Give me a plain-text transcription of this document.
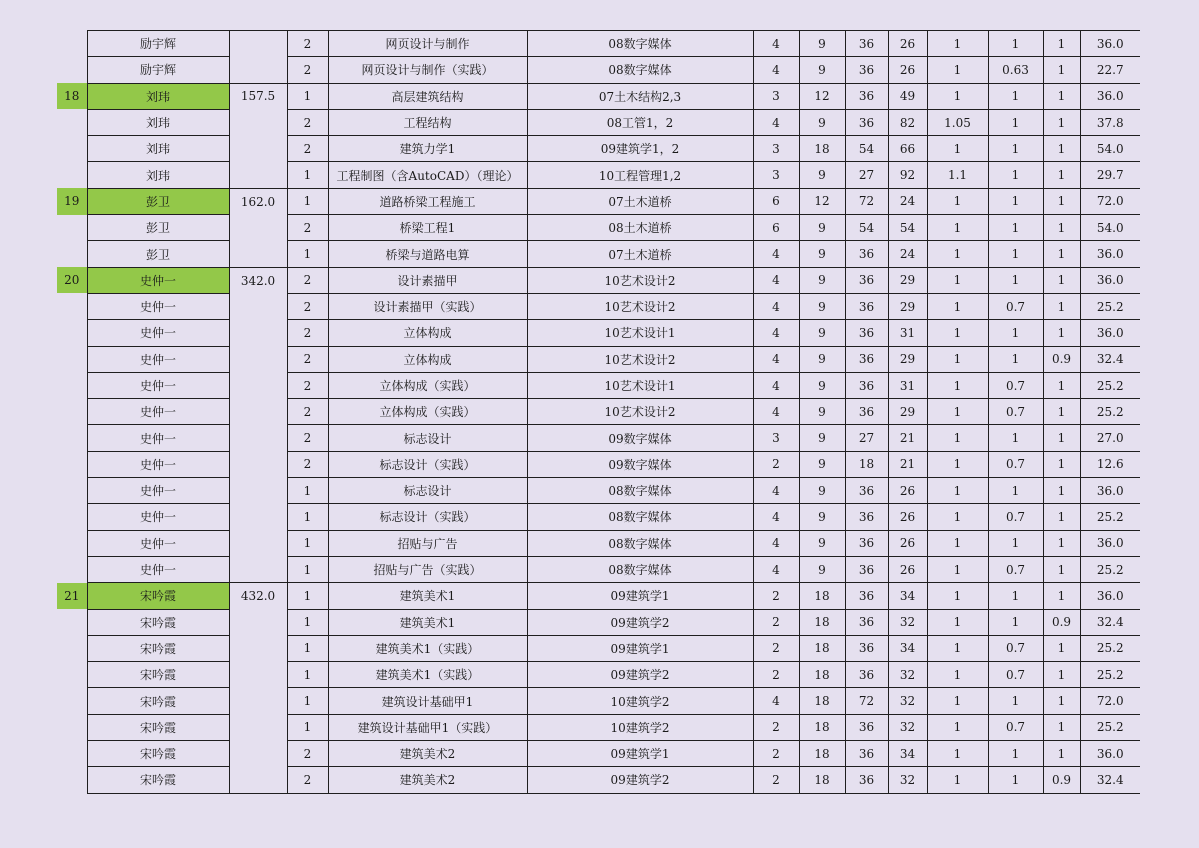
	励宇辉		2	网页设计与制作	08数字媒体	4	9	36	26	1	1	1	36.0
	励宇辉		2	网页设计与制作（实践）	08数字媒体	4	9	36	26	1	0.63	1	22.7
18	刘玮	157.5	1	高层建筑结构	07土木结构2,3	3	12	36	49	1	1	1	36.0
	刘玮		2	工程结构	08工管1，2	4	9	36	82	1.05	1	1	37.8
	刘玮		2	建筑力学1	09建筑学1，2	3	18	54	66	1	1	1	54.0
	刘玮		1	工程制图（含AutoCAD）（理论）	10工程管理1,2	3	9	27	92	1.1	1	1	29.7
19	彭卫	162.0	1	道路桥梁工程施工	07土木道桥	6	12	72	24	1	1	1	72.0
	彭卫		2	桥梁工程1	08土木道桥	6	9	54	54	1	1	1	54.0
	彭卫		1	桥梁与道路电算	07土木道桥	4	9	36	24	1	1	1	36.0
20	史仲一	342.0	2	设计素描甲	10艺术设计2	4	9	36	29	1	1	1	36.0
	史仲一		2	设计素描甲（实践）	10艺术设计2	4	9	36	29	1	0.7	1	25.2
	史仲一		2	立体构成	10艺术设计1	4	9	36	31	1	1	1	36.0
	史仲一		2	立体构成	10艺术设计2	4	9	36	29	1	1	0.9	32.4
	史仲一		2	立体构成（实践）	10艺术设计1	4	9	36	31	1	0.7	1	25.2
	史仲一		2	立体构成（实践）	10艺术设计2	4	9	36	29	1	0.7	1	25.2
	史仲一		2	标志设计	09数字媒体	3	9	27	21	1	1	1	27.0
	史仲一		2	标志设计（实践）	09数字媒体	2	9	18	21	1	0.7	1	12.6
	史仲一		1	标志设计	08数字媒体	4	9	36	26	1	1	1	36.0
	史仲一		1	标志设计（实践）	08数字媒体	4	9	36	26	1	0.7	1	25.2
	史仲一		1	招贴与广告	08数字媒体	4	9	36	26	1	1	1	36.0
	史仲一		1	招贴与广告（实践）	08数字媒体	4	9	36	26	1	0.7	1	25.2
21	宋吟霞	432.0	1	建筑美术1	09建筑学1	2	18	36	34	1	1	1	36.0
	宋吟霞		1	建筑美术1	09建筑学2	2	18	36	32	1	1	0.9	32.4
	宋吟霞		1	建筑美术1（实践）	09建筑学1	2	18	36	34	1	0.7	1	25.2
	宋吟霞		1	建筑美术1（实践）	09建筑学2	2	18	36	32	1	0.7	1	25.2
	宋吟霞		1	建筑设计基础甲1	10建筑学2	4	18	72	32	1	1	1	72.0
	宋吟霞		1	建筑设计基础甲1（实践）	10建筑学2	2	18	36	32	1	0.7	1	25.2
	宋吟霞		2	建筑美术2	09建筑学1	2	18	36	34	1	1	1	36.0
	宋吟霞		2	建筑美术2	09建筑学2	2	18	36	32	1	1	0.9	32.4
